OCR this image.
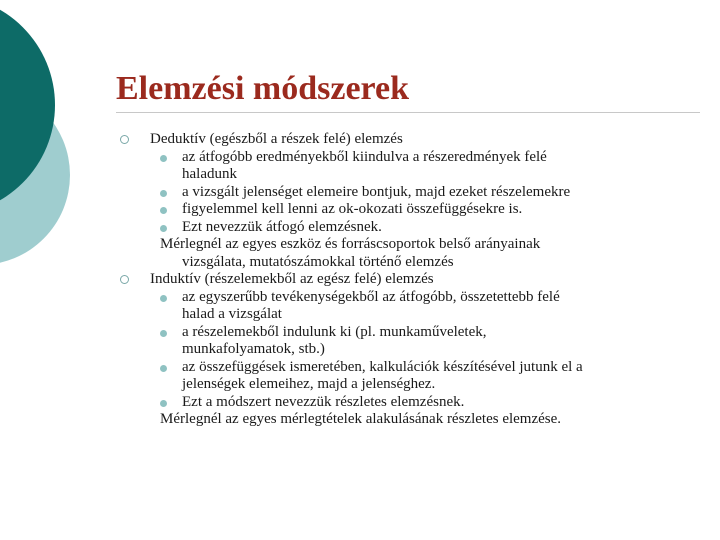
Elemzési módszerek
Deduktív (egészből a részek felé) elemzés
az átfogóbb eredményekből kiindulva a részeredmények felé
haladunk
a vizsgált jelenséget elemeire bontjuk, majd ezeket részelemekre
figyelemmel kell lenni az ok-okozati összefüggésekre is.
Ezt nevezzük átfogó elemzésnek.
Mérlegnél az egyes eszköz és forráscsoportok belső arányainak
vizsgálata, mutatószámokkal történő elemzés
Induktív (részelemekből az egész felé) elemzés
az egyszerűbb tevékenységekből az átfogóbb, összetettebb felé
halad a vizsgálat
a részelemekből indulunk ki (pl. munkaműveletek,
munkafolyamatok, stb.)
az összefüggések ismeretében, kalkulációk készítésével jutunk el a
jelenségek elemeihez, majd a jelenséghez.
Ezt a módszert nevezzük részletes elemzésnek.
Mérlegnél az egyes mérlegtételek alakulásának részletes elemzése.
